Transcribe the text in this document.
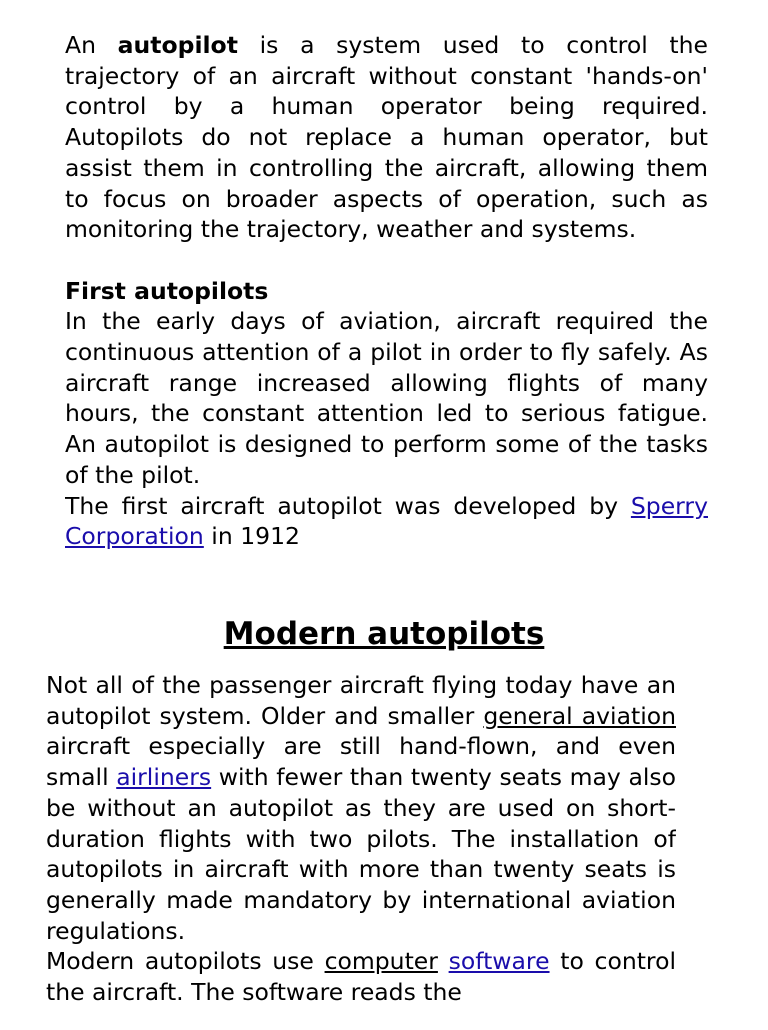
An autopilot is a system used to control the trajectory of an aircraft without constant 'hands-on' control by a human operator being required. Autopilots do not replace a human operator, but assist them in controlling the aircraft, allowing them to focus on broader aspects of operation, such as monitoring the trajectory, weather and systems.

First autopilots

In the early days of aviation, aircraft required the continuous attention of a pilot in order to fly safely. As aircraft range increased allowing flights of many hours, the constant attention led to serious fatigue. An autopilot is designed to perform some of the tasks of the pilot.

The first aircraft autopilot was developed by Sperry Corporation in 1912

Modern autopilots

Not all of the passenger aircraft flying today have an autopilot system. Older and smaller general aviation aircraft especially are still hand-flown, and even small airliners with fewer than twenty seats may also be without an autopilot as they are used on short-duration flights with two pilots. The installation of autopilots in aircraft with more than twenty seats is generally made mandatory by international aviation regulations.

Modern autopilots use computer software to control the aircraft. The software reads the
